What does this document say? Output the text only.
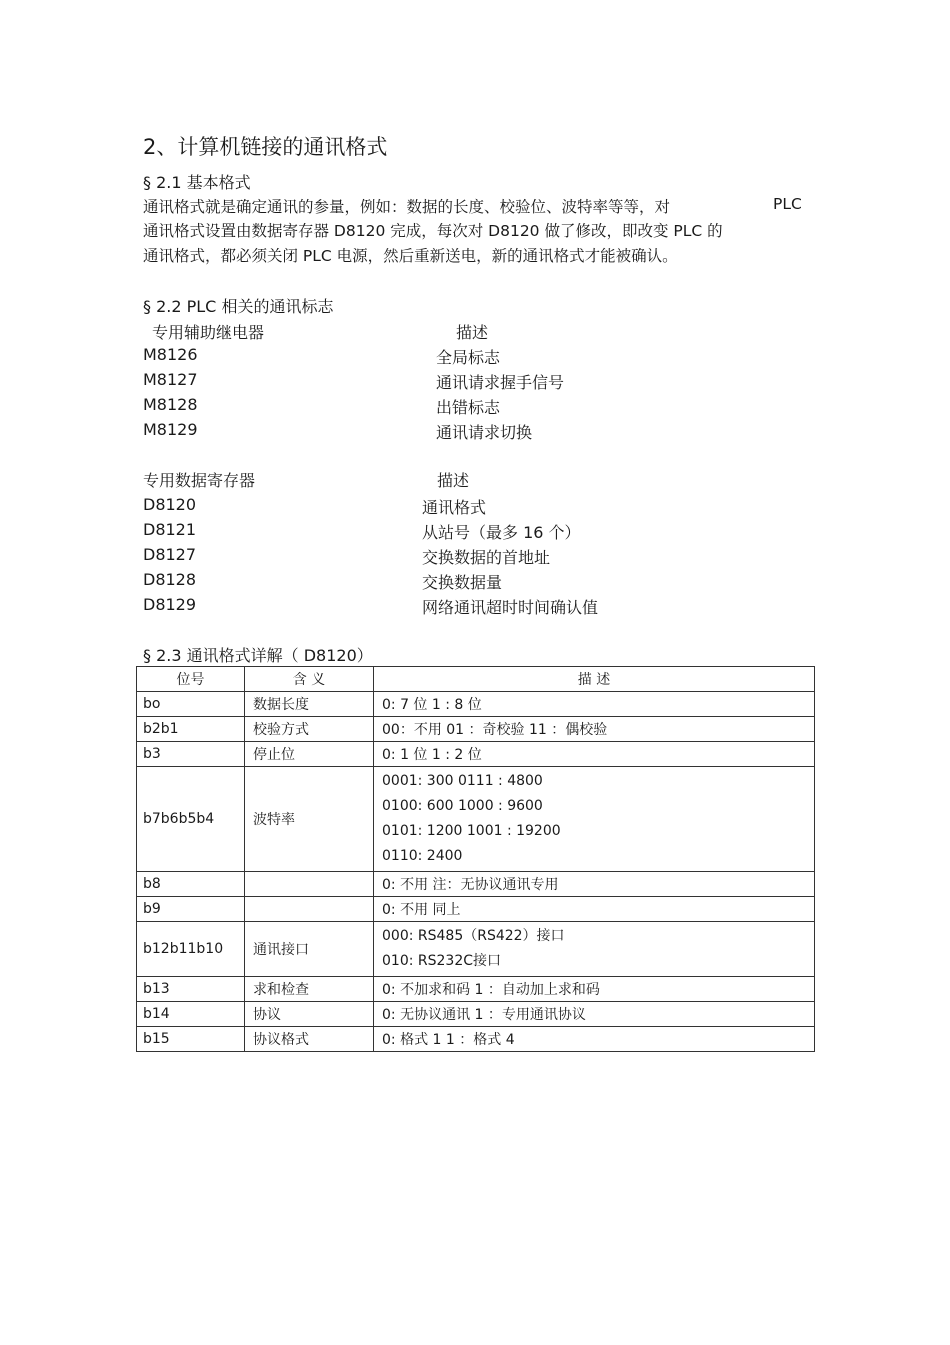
2、计算机链接的通讯格式
§ 2.1 基本格式
通讯格式就是确定通讯的参量，例如：数据的长度、校验位、波特率等等，对	PLC
通讯格式设置由数据寄存器 D8120 完成，每次对 D8120 做了修改，即改变 PLC 的
通讯格式，都必须关闭 PLC 电源，然后重新送电，新的通讯格式才能被确认。
§ 2.2 PLC 相关的通讯标志
专用辅助继电器	描述
M8126	全局标志
M8127	通讯请求握手信号
M8128	出错标志
M8129	通讯请求切换
专用数据寄存器	描述
D8120	通讯格式
D8121	从站号（最多 16 个）
D8127	交换数据的首地址
D8128	交换数据量
D8129	网络通讯超时时间确认值
§ 2.3 通讯格式详解（ D8120）
位号	含 义	描 述
bo	数据长度	0: 7 位 1 : 8 位
b2b1	校验方式	00：不用 01 ：奇校验 11 ：偶校验
b3	停止位	0: 1 位 1 : 2 位
b7b6b5b4	波特率	0001: 300 0111 : 4800
0100: 600 1000 : 9600
0101: 1200 1001 : 19200
0110: 2400

b8		0: 不用 注：无协议通讯专用
b9		0: 不用 同上
b12b11b10	通讯接口	000: RS485（RS422）接口
010: RS232C接口

b13	求和检查	0: 不加求和码 1 ：自动加上求和码
b14	协议	0: 无协议通讯 1 ：专用通讯协议
b15	协议格式	0: 格式 1 1 ：格式 4
